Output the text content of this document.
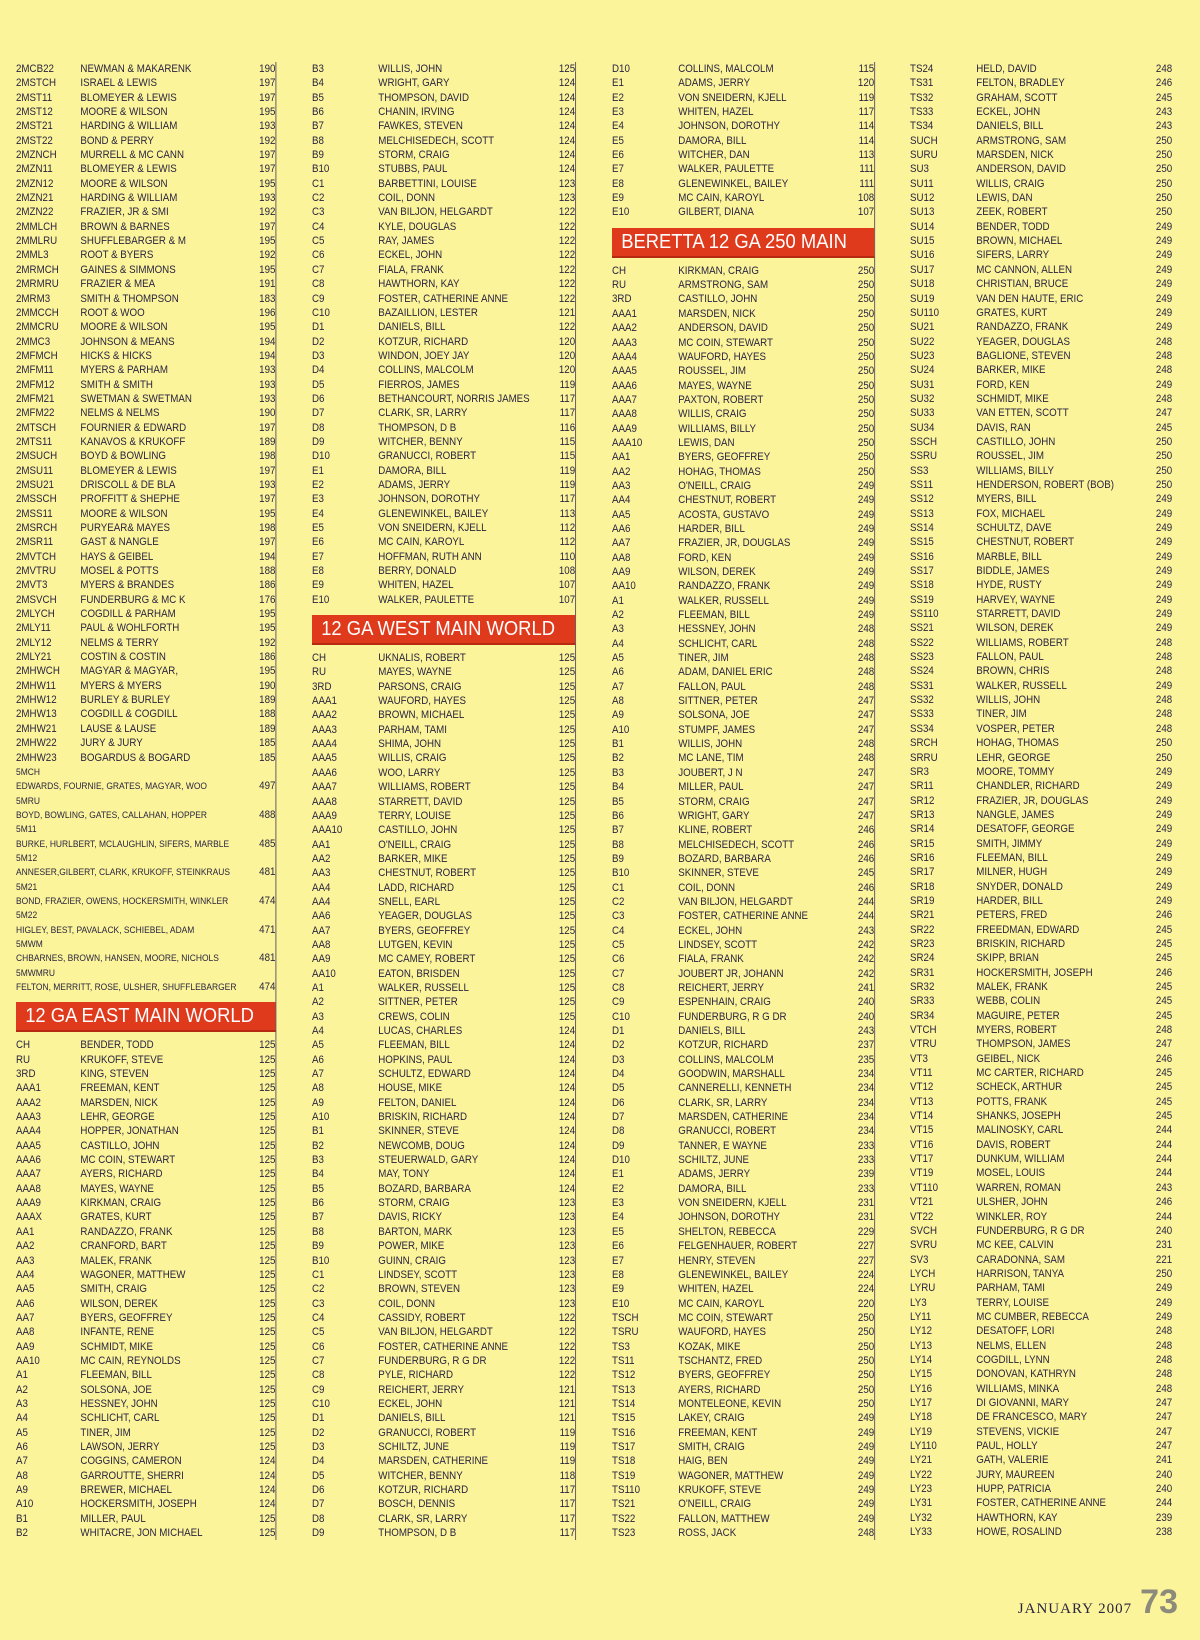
2MCB22	NEWMAN & MAKARENK	190
2MSTCH	ISRAEL & LEWIS	197
2MST11	BLOMEYER & LEWIS	197
2MST12	MOORE & WILSON	195
2MST21	HARDING & WILLIAM	193
2MST22	BOND & PERRY	192
2MZNCH	MURRELL & MC CANN	197
2MZN11	BLOMEYER & LEWIS	197
2MZN12	MOORE & WILSON	195
2MZN21	HARDING & WILLIAM	193
2MZN22	FRAZIER, JR & SMI	192
2MMLCH	BROWN & BARNES	197
2MMLRU	SHUFFLEBARGER & M	195
2MML3	ROOT & BYERS	192
2MRMCH	GAINES & SIMMONS	195
2MRMRU	FRAZIER & MEA	191
2MRM3	SMITH & THOMPSON	183
2MMCCH	ROOT & WOO	196
2MMCRU	MOORE & WILSON	195
2MMC3	JOHNSON & MEANS	194
2MFMCH	HICKS & HICKS	194
2MFM11	MYERS & PARHAM	193
2MFM12	SMITH & SMITH	193
2MFM21	SWETMAN & SWETMAN	193
2MFM22	NELMS & NELMS	190
2MTSCH	FOURNIER & EDWARD	197
2MTS11	KANAVOS & KRUKOFF	189
2MSUCH	BOYD & BOWLING	198
2MSU11	BLOMEYER & LEWIS	197
2MSU21	DRISCOLL & DE BLA	193
2MSSCH	PROFFITT & SHEPHE	197
2MSS11	MOORE & WILSON	195
2MSRCH	PURYEAR& MAYES	198
2MSR11	GAST & NANGLE	197
2MVTCH	HAYS & GEIBEL	194
2MVTRU	MOSEL & POTTS	188
2MVT3	MYERS & BRANDES	186
2MSVCH	FUNDERBURG & MC K	176
2MLYCH	COGDILL & PARHAM	195
2MLY11	PAUL & WOHLFORTH	195
2MLY12	NELMS & TERRY	192
2MLY21	COSTIN & COSTIN	186
2MHWCH	MAGYAR & MAGYAR,	195
2MHW11	MYERS & MYERS	190
2MHW12	BURLEY & BURLEY	189
2MHW13	COGDILL & COGDILL	188
2MHW21	LAUSE & LAUSE	189
2MHW22	JURY & JURY	185
2MHW23	BOGARDUS & BOGARD	185
5MCH
EDWARDS, FOURNIE, GRATES, MAGYAR, WOO	497
5MRU
BOYD, BOWLING, GATES, CALLAHAN, HOPPER	488
5M11
BURKE, HURLBERT, MCLAUGHLIN, SIFERS, MARBLE	485
5M12
ANNESER,GILBERT, CLARK, KRUKOFF, STEINKRAUS	481
5M21
BOND, FRAZIER, OWENS, HOCKERSMITH, WINKLER	474
5M22
HIGLEY, BEST, PAVALACK, SCHIEBEL, ADAM	471
5MWM
CHBARNES, BROWN, HANSEN, MOORE, NICHOLS	481
5MWMRU
FELTON, MERRITT, ROSE, ULSHER, SHUFFLEBARGER	474
12 GA EAST MAIN WORLD
CH	BENDER, TODD	125
RU	KRUKOFF, STEVE	125
3RD	KING, STEVEN	125
AAA1	FREEMAN, KENT	125
AAA2	MARSDEN, NICK	125
AAA3	LEHR, GEORGE	125
AAA4	HOPPER, JONATHAN	125
AAA5	CASTILLO, JOHN	125
AAA6	MC COIN, STEWART	125
AAA7	AYERS, RICHARD	125
AAA8	MAYES, WAYNE	125
AAA9	KIRKMAN, CRAIG	125
AAAX	GRATES, KURT	125
AA1	RANDAZZO, FRANK	125
AA2	CRANFORD, BART	125
AA3	MALEK, FRANK	125
AA4	WAGONER, MATTHEW	125
AA5	SMITH, CRAIG	125
AA6	WILSON, DEREK	125
AA7	BYERS, GEOFFREY	125
AA8	INFANTE, RENE	125
AA9	SCHMIDT, MIKE	125
AA10	MC CAIN, REYNOLDS	125
A1	FLEEMAN, BILL	125
A2	SOLSONA, JOE	125
A3	HESSNEY, JOHN	125
A4	SCHLICHT, CARL	125
A5	TINER, JIM	125
A6	LAWSON, JERRY	125
A7	COGGINS, CAMERON	124
A8	GARROUTTE, SHERRI	124
A9	BREWER, MICHAEL	124
A10	HOCKERSMITH, JOSEPH	124
B1	MILLER, PAUL	125
B2	WHITACRE, JON MICHAEL	125
B3	WILLIS, JOHN	125
B4	WRIGHT, GARY	124
B5	THOMPSON, DAVID	124
B6	CHANIN, IRVING	124
B7	FAWKES, STEVEN	124
B8	MELCHISEDECH, SCOTT	124
B9	STORM, CRAIG	124
B10	STUBBS, PAUL	124
C1	BARBETTINI, LOUISE	123
C2	COIL, DONN	123
C3	VAN BILJON, HELGARDT	122
C4	KYLE, DOUGLAS	122
C5	RAY, JAMES	122
C6	ECKEL, JOHN	122
C7	FIALA, FRANK	122
C8	HAWTHORN, KAY	122
C9	FOSTER, CATHERINE ANNE	122
C10	BAZAILLION, LESTER	121
D1	DANIELS, BILL	122
D2	KOTZUR, RICHARD	120
D3	WINDON, JOEY JAY	120
D4	COLLINS, MALCOLM	120
D5	FIERROS, JAMES	119
D6	BETHANCOURT, NORRIS JAMES	117
D7	CLARK, SR, LARRY	117
D8	THOMPSON, D B	116
D9	WITCHER, BENNY	115
D10	GRANUCCI, ROBERT	115
E1	DAMORA, BILL	119
E2	ADAMS, JERRY	119
E3	JOHNSON, DOROTHY	117
E4	GLENEWINKEL, BAILEY	113
E5	VON SNEIDERN, KJELL	112
E6	MC CAIN, KAROYL	112
E7	HOFFMAN, RUTH ANN	110
E8	BERRY, DONALD	108
E9	WHITEN, HAZEL	107
E10	WALKER, PAULETTE	107
12 GA WEST MAIN WORLD
CH	UKNALIS, ROBERT	125
RU	MAYES, WAYNE	125
3RD	PARSONS, CRAIG	125
AAA1	WAUFORD, HAYES	125
AAA2	BROWN, MICHAEL	125
AAA3	PARHAM, TAMI	125
AAA4	SHIMA, JOHN	125
AAA5	WILLIS, CRAIG	125
AAA6	WOO, LARRY	125
AAA7	WILLIAMS, ROBERT	125
AAA8	STARRETT, DAVID	125
AAA9	TERRY, LOUISE	125
AAA10	CASTILLO, JOHN	125
AA1	O'NEILL, CRAIG	125
AA2	BARKER, MIKE	125
AA3	CHESTNUT, ROBERT	125
AA4	LADD, RICHARD	125
AA4	SNELL, EARL	125
AA6	YEAGER, DOUGLAS	125
AA7	BYERS, GEOFFREY	125
AA8	LUTGEN, KEVIN	125
AA9	MC CAMEY, ROBERT	125
AA10	EATON, BRISDEN	125
A1	WALKER, RUSSELL	125
A2	SITTNER, PETER	125
A3	CREWS, COLIN	125
A4	LUCAS, CHARLES	124
A5	FLEEMAN, BILL	124
A6	HOPKINS, PAUL	124
A7	SCHULTZ, EDWARD	124
A8	HOUSE, MIKE	124
A9	FELTON, DANIEL	124
A10	BRISKIN, RICHARD	124
B1	SKINNER, STEVE	124
B2	NEWCOMB, DOUG	124
B3	STEUERWALD, GARY	124
B4	MAY, TONY	124
B5	BOZARD, BARBARA	124
B6	STORM, CRAIG	123
B7	DAVIS, RICKY	123
B8	BARTON, MARK	123
B9	POWER, MIKE	123
B10	GUINN, CRAIG	123
C1	LINDSEY, SCOTT	123
C2	BROWN, STEVEN	123
C3	COIL, DONN	123
C4	CASSIDY, ROBERT	122
C5	VAN BILJON, HELGARDT	122
C6	FOSTER, CATHERINE ANNE	122
C7	FUNDERBURG, R G DR	122
C8	PYLE, RICHARD	122
C9	REICHERT, JERRY	121
C10	ECKEL, JOHN	121
D1	DANIELS, BILL	121
D2	GRANUCCI, ROBERT	119
D3	SCHILTZ, JUNE	119
D4	MARSDEN, CATHERINE	119
D5	WITCHER, BENNY	118
D6	KOTZUR, RICHARD	117
D7	BOSCH, DENNIS	117
D8	CLARK, SR, LARRY	117
D9	THOMPSON, D B	117
D10	COLLINS, MALCOLM	115
E1	ADAMS, JERRY	120
E2	VON SNEIDERN, KJELL	119
E3	WHITEN, HAZEL	117
E4	JOHNSON, DOROTHY	114
E5	DAMORA, BILL	114
E6	WITCHER, DAN	113
E7	WALKER, PAULETTE	111
E8	GLENEWINKEL, BAILEY	111
E9	MC CAIN, KAROYL	108
E10	GILBERT, DIANA	107
BERETTA 12 GA 250 MAIN
CH	KIRKMAN, CRAIG	250
RU	ARMSTRONG, SAM	250
3RD	CASTILLO, JOHN	250
AAA1	MARSDEN, NICK	250
AAA2	ANDERSON, DAVID	250
AAA3	MC COIN, STEWART	250
AAA4	WAUFORD, HAYES	250
AAA5	ROUSSEL, JIM	250
AAA6	MAYES, WAYNE	250
AAA7	PAXTON, ROBERT	250
AAA8	WILLIS, CRAIG	250
AAA9	WILLIAMS, BILLY	250
AAA10	LEWIS, DAN	250
AA1	BYERS, GEOFFREY	250
AA2	HOHAG, THOMAS	250
AA3	O'NEILL, CRAIG	249
AA4	CHESTNUT, ROBERT	249
AA5	ACOSTA, GUSTAVO	249
AA6	HARDER, BILL	249
AA7	FRAZIER, JR, DOUGLAS	249
AA8	FORD, KEN	249
AA9	WILSON, DEREK	249
AA10	RANDAZZO, FRANK	249
A1	WALKER, RUSSELL	249
A2	FLEEMAN, BILL	249
A3	HESSNEY, JOHN	248
A4	SCHLICHT, CARL	248
A5	TINER, JIM	248
A6	ADAM, DANIEL ERIC	248
A7	FALLON, PAUL	248
A8	SITTNER, PETER	247
A9	SOLSONA, JOE	247
A10	STUMPF, JAMES	247
B1	WILLIS, JOHN	248
B2	MC LANE, TIM	248
B3	JOUBERT, J N	247
B4	MILLER, PAUL	247
B5	STORM, CRAIG	247
B6	WRIGHT, GARY	247
B7	KLINE, ROBERT	246
B8	MELCHISEDECH, SCOTT	246
B9	BOZARD, BARBARA	246
B10	SKINNER, STEVE	245
C1	COIL, DONN	246
C2	VAN BILJON, HELGARDT	244
C3	FOSTER, CATHERINE ANNE	244
C4	ECKEL, JOHN	243
C5	LINDSEY, SCOTT	242
C6	FIALA, FRANK	242
C7	JOUBERT JR, JOHANN	242
C8	REICHERT, JERRY	241
C9	ESPENHAIN, CRAIG	240
C10	FUNDERBURG, R G DR	240
D1	DANIELS, BILL	243
D2	KOTZUR, RICHARD	237
D3	COLLINS, MALCOLM	235
D4	GOODWIN, MARSHALL	234
D5	CANNERELLI, KENNETH	234
D6	CLARK, SR, LARRY	234
D7	MARSDEN, CATHERINE	234
D8	GRANUCCI, ROBERT	234
D9	TANNER, E WAYNE	233
D10	SCHILTZ, JUNE	233
E1	ADAMS, JERRY	239
E2	DAMORA, BILL	233
E3	VON SNEIDERN, KJELL	231
E4	JOHNSON, DOROTHY	231
E5	SHELTON, REBECCA	229
E6	FELGENHAUER, ROBERT	227
E7	HENRY, STEVEN	227
E8	GLENEWINKEL, BAILEY	224
E9	WHITEN, HAZEL	224
E10	MC CAIN, KAROYL	220
TSCH	MC COIN, STEWART	250
TSRU	WAUFORD, HAYES	250
TS3	KOZAK, MIKE	250
TS11	TSCHANTZ, FRED	250
TS12	BYERS, GEOFFREY	250
TS13	AYERS, RICHARD	250
TS14	MONTELEONE, KEVIN	250
TS15	LAKEY, CRAIG	249
TS16	FREEMAN, KENT	249
TS17	SMITH, CRAIG	249
TS18	HAIG, BEN	249
TS19	WAGONER, MATTHEW	249
TS110	KRUKOFF, STEVE	249
TS21	O'NEILL, CRAIG	249
TS22	FALLON, MATTHEW	249
TS23	ROSS, JACK	248
TS24	HELD, DAVID	248
TS31	FELTON, BRADLEY	246
TS32	GRAHAM, SCOTT	245
TS33	ECKEL, JOHN	243
TS34	DANIELS, BILL	243
SUCH	ARMSTRONG, SAM	250
SURU	MARSDEN, NICK	250
SU3	ANDERSON, DAVID	250
SU11	WILLIS, CRAIG	250
SU12	LEWIS, DAN	250
SU13	ZEEK, ROBERT	250
SU14	BENDER, TODD	249
SU15	BROWN, MICHAEL	249
SU16	SIFERS, LARRY	249
SU17	MC CANNON, ALLEN	249
SU18	CHRISTIAN, BRUCE	249
SU19	VAN DEN HAUTE, ERIC	249
SU110	GRATES, KURT	249
SU21	RANDAZZO, FRANK	249
SU22	YEAGER, DOUGLAS	248
SU23	BAGLIONE, STEVEN	248
SU24	BARKER, MIKE	248
SU31	FORD, KEN	249
SU32	SCHMIDT, MIKE	248
SU33	VAN ETTEN, SCOTT	247
SU34	DAVIS, RAN	245
SSCH	CASTILLO, JOHN	250
SSRU	ROUSSEL, JIM	250
SS3	WILLIAMS, BILLY	250
SS11	HENDERSON, ROBERT (BOB)	250
SS12	MYERS, BILL	249
SS13	FOX, MICHAEL	249
SS14	SCHULTZ, DAVE	249
SS15	CHESTNUT, ROBERT	249
SS16	MARBLE, BILL	249
SS17	BIDDLE, JAMES	249
SS18	HYDE, RUSTY	249
SS19	HARVEY, WAYNE	249
SS110	STARRETT, DAVID	249
SS21	WILSON, DEREK	249
SS22	WILLIAMS, ROBERT	248
SS23	FALLON, PAUL	248
SS24	BROWN, CHRIS	248
SS31	WALKER, RUSSELL	249
SS32	WILLIS, JOHN	248
SS33	TINER, JIM	248
SS34	VOSPER, PETER	248
SRCH	HOHAG, THOMAS	250
SRRU	LEHR, GEORGE	250
SR3	MOORE, TOMMY	249
SR11	CHANDLER, RICHARD	249
SR12	FRAZIER, JR, DOUGLAS	249
SR13	NANGLE, JAMES	249
SR14	DESATOFF, GEORGE	249
SR15	SMITH, JIMMY	249
SR16	FLEEMAN, BILL	249
SR17	MILNER, HUGH	249
SR18	SNYDER, DONALD	249
SR19	HARDER, BILL	249
SR21	PETERS, FRED	246
SR22	FREEDMAN, EDWARD	245
SR23	BRISKIN, RICHARD	245
SR24	SKIPP, BRIAN	245
SR31	HOCKERSMITH, JOSEPH	246
SR32	MALEK, FRANK	245
SR33	WEBB, COLIN	245
SR34	MAGUIRE, PETER	245
VTCH	MYERS, ROBERT	248
VTRU	THOMPSON, JAMES	247
VT3	GEIBEL, NICK	246
VT11	MC CARTER, RICHARD	245
VT12	SCHECK, ARTHUR	245
VT13	POTTS, FRANK	245
VT14	SHANKS, JOSEPH	245
VT15	MALINOSKY, CARL	244
VT16	DAVIS, ROBERT	244
VT17	DUNKUM, WILLIAM	244
VT19	MOSEL, LOUIS	244
VT110	WARREN, ROMAN	243
VT21	ULSHER, JOHN	246
VT22	WINKLER, ROY	244
SVCH	FUNDERBURG, R G DR	240
SVRU	MC KEE, CALVIN	231
SV3	CARADONNA, SAM	221
LYCH	HARRISON, TANYA	250
LYRU	PARHAM, TAMI	249
LY3	TERRY, LOUISE	249
LY11	MC CUMBER, REBECCA	249
LY12	DESATOFF, LORI	248
LY13	NELMS, ELLEN	248
LY14	COGDILL, LYNN	248
LY15	DONOVAN, KATHRYN	248
LY16	WILLIAMS, MINKA	248
LY17	DI GIOVANNI, MARY	247
LY18	DE FRANCESCO, MARY	247
LY19	STEVENS, VICKIE	247
LY110	PAUL, HOLLY	247
LY21	GATH, VALERIE	241
LY22	JURY, MAUREEN	240
LY23	HUPP, PATRICIA	240
LY31	FOSTER, CATHERINE ANNE	244
LY32	HAWTHORN, KAY	239
LY33	HOWE, ROSALIND	238
JANUARY 2007 73
